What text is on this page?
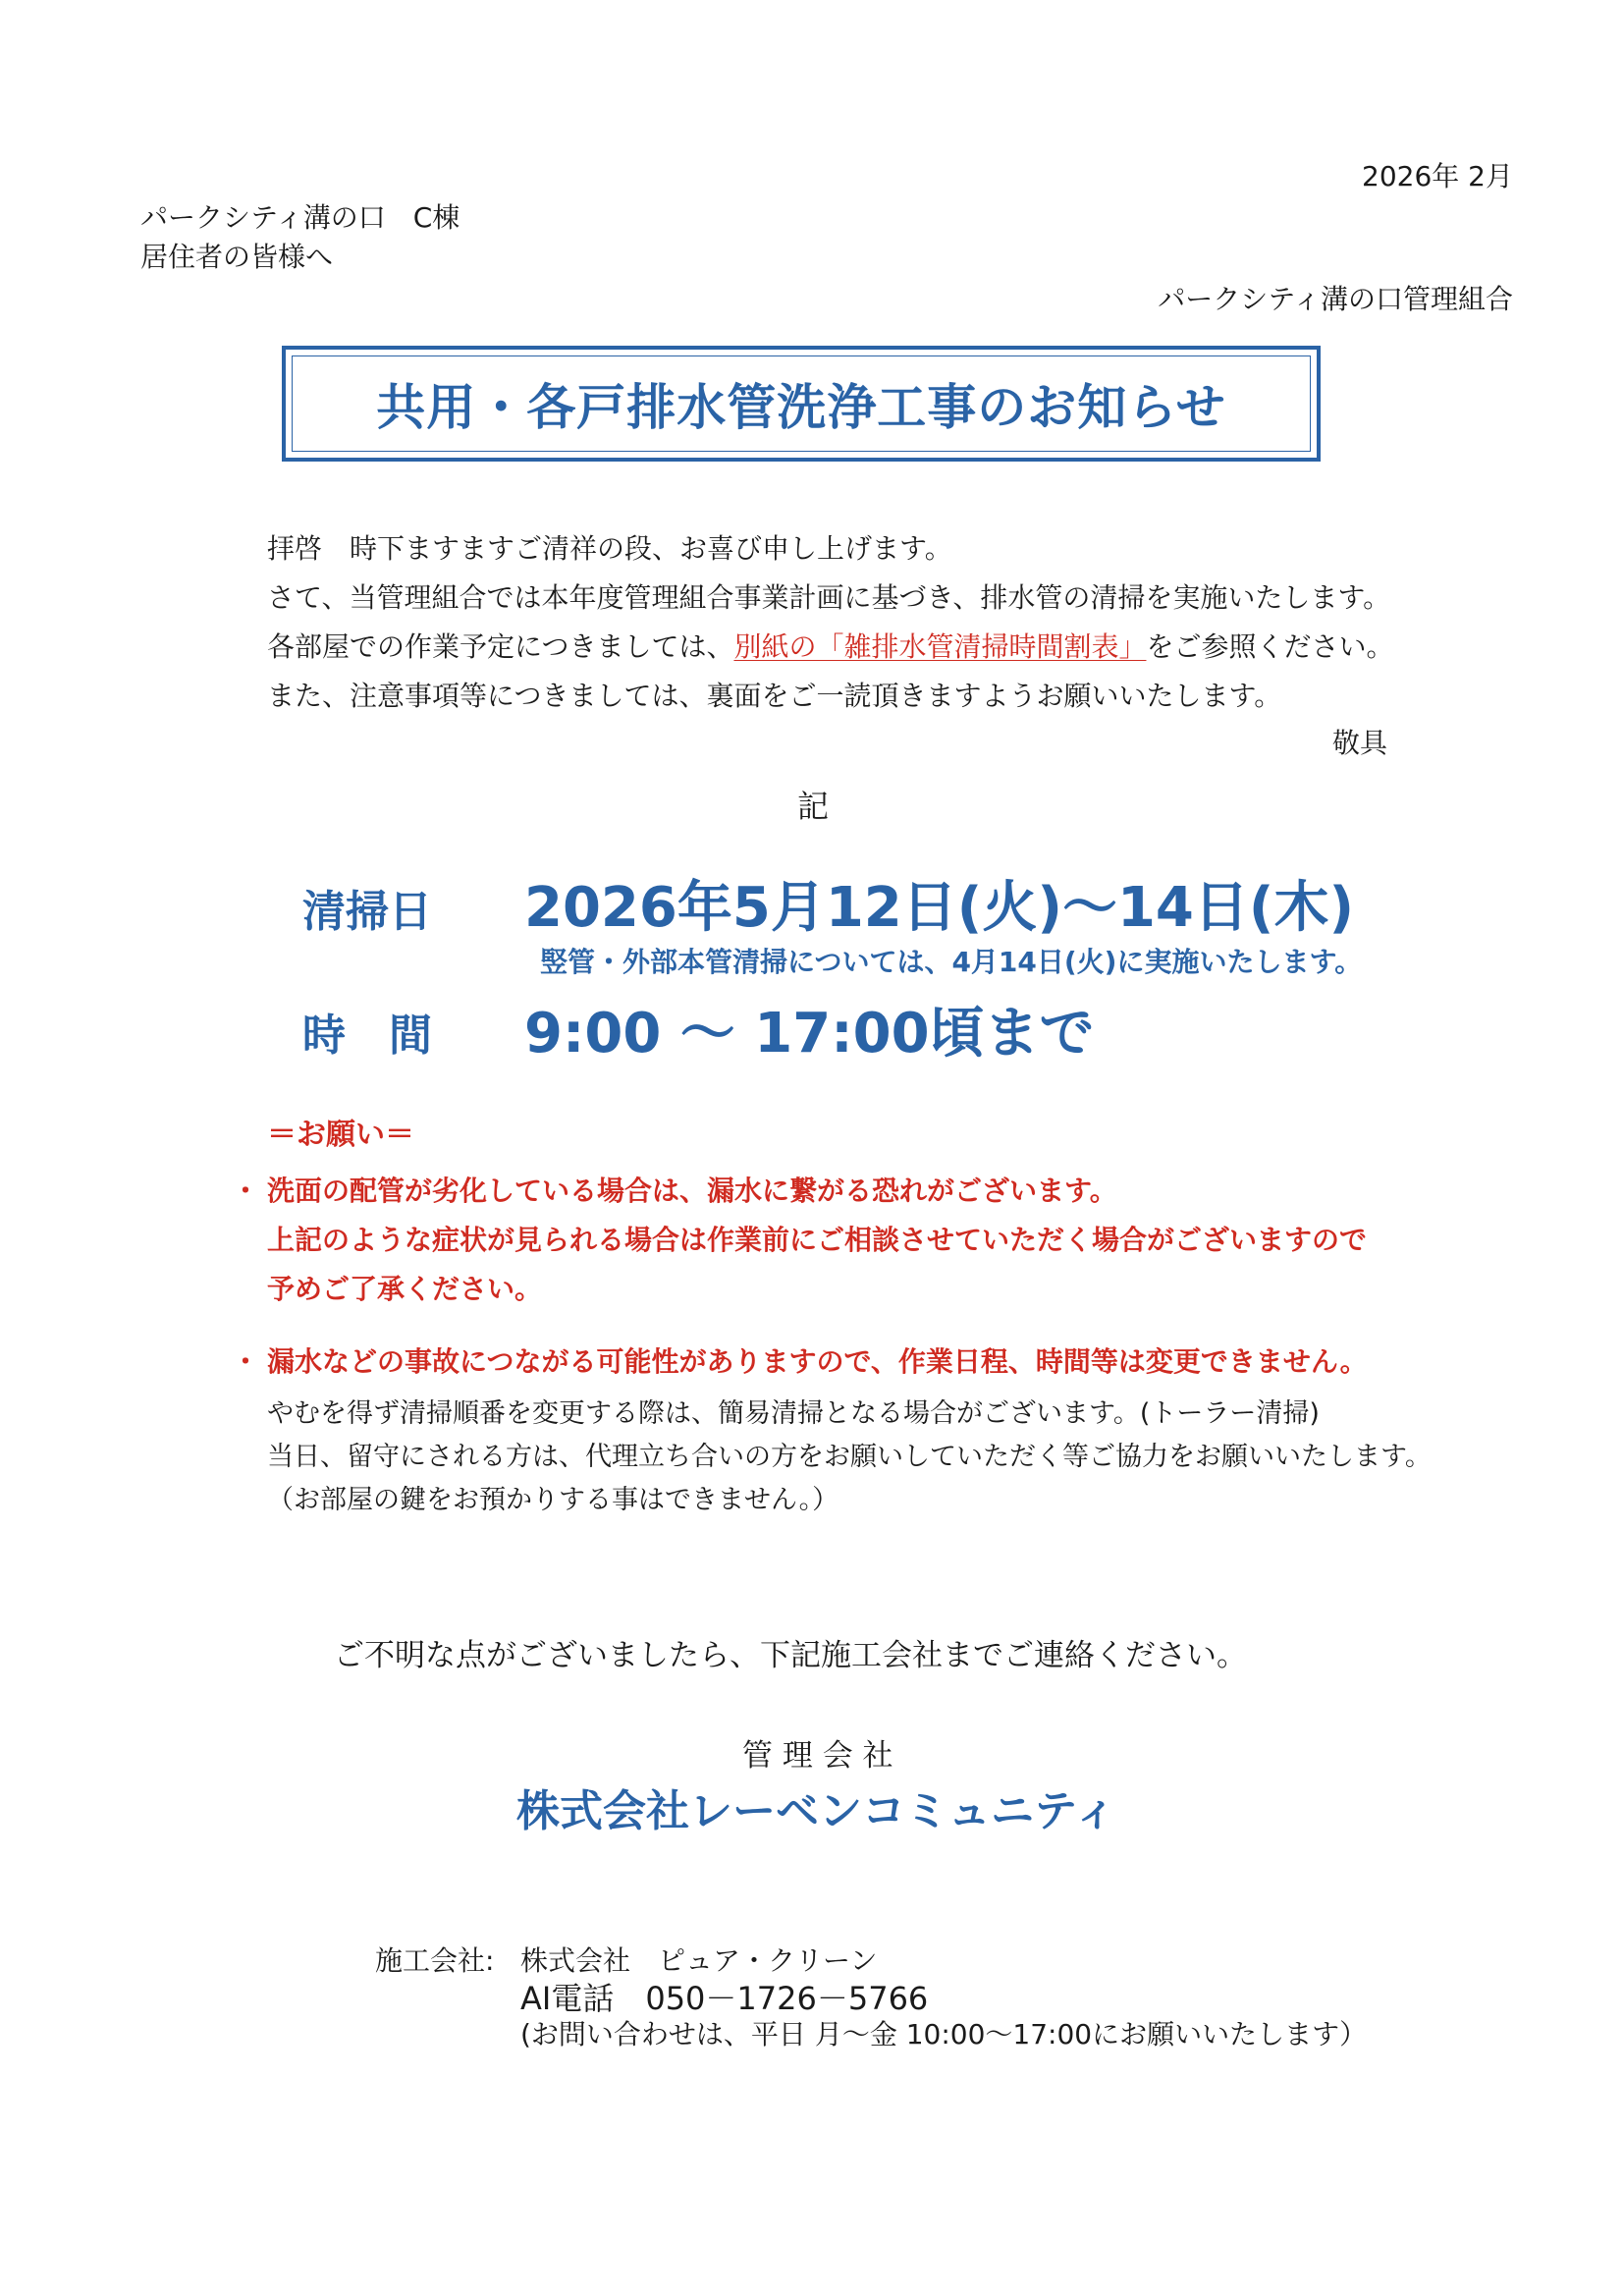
2026年 2月
パークシティ溝の口　C棟
居住者の皆様へ
パークシティ溝の口管理組合
共用・各戸排水管洗浄工事のお知らせ
拝啓　時下ますますご清祥の段、お喜び申し上げます。
さて、当管理組合では本年度管理組合事業計画に基づき、排水管の清掃を実施いたします。
各部屋での作業予定につきましては、別紙の「雑排水管清掃時間割表」をご参照ください。
また、注意事項等につきましては、裏面をご一読頂きますようお願いいたします。
敬具
記
清掃日 2026年5月12日(火)～14日(木)
竪管・外部本管清掃については、4月14日(火)に実施いたします。
時　間 9:00 ～ 17:00頃まで
＝お願い＝
・ 洗面の配管が劣化している場合は、漏水に繋がる恐れがございます。
上記のような症状が見られる場合は作業前にご相談させていただく場合がございますので
予めご了承ください。
・ 漏水などの事故につながる可能性がありますので、作業日程、時間等は変更できません。
やむを得ず清掃順番を変更する際は、簡易清掃となる場合がございます。(トーラー清掃)
当日、留守にされる方は、代理立ち合いの方をお願いしていただく等ご協力をお願いいたします。
（お部屋の鍵をお預かりする事はできません。）
ご不明な点がございましたら、下記施工会社までご連絡ください。
管 理 会 社
株式会社レーベンコミュニティ
施工会社: 株式会社　ピュア・クリーン
AI電話　050－1726－5766
(お問い合わせは、平日 月～金 10:00～17:00にお願いいたします）
